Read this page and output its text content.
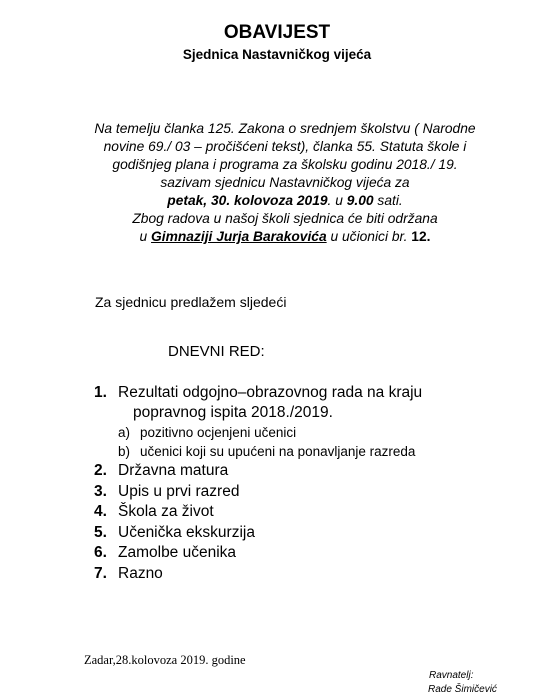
OBAVIJEST
Sjednica Nastavničkog vijeća
Na temelju članka 125. Zakona o srednjem školstvu ( Narodne
novine 69./ 03 – pročišćeni tekst), članka 55. Statuta škole i
godišnjeg plana i programa za školsku godinu 2018./ 19.
sazivam sjednicu Nastavničkog vijeća za
petak, 30. kolovoza 2019. u 9.00 sati.
Zbog radova u našoj školi sjednica će biti održana
u Gimnaziji Jurja Barakovića u učionici br. 12.
Za sjednicu predlažem sljedeći
DNEVNI RED:
1. Rezultati odgojno–obrazovnog rada na kraju
popravnog ispita 2018./2019.
a) pozitivno ocjenjeni učenici
b) učenici koji su upućeni na ponavljanje razreda
2. Državna matura
3. Upis u prvi razred
4. Škola za život
5. Učenička ekskurzija
6. Zamolbe učenika
7. Razno
Zadar,28.kolovoza 2019. godine
Ravnatelj:
Rade Šimičević
